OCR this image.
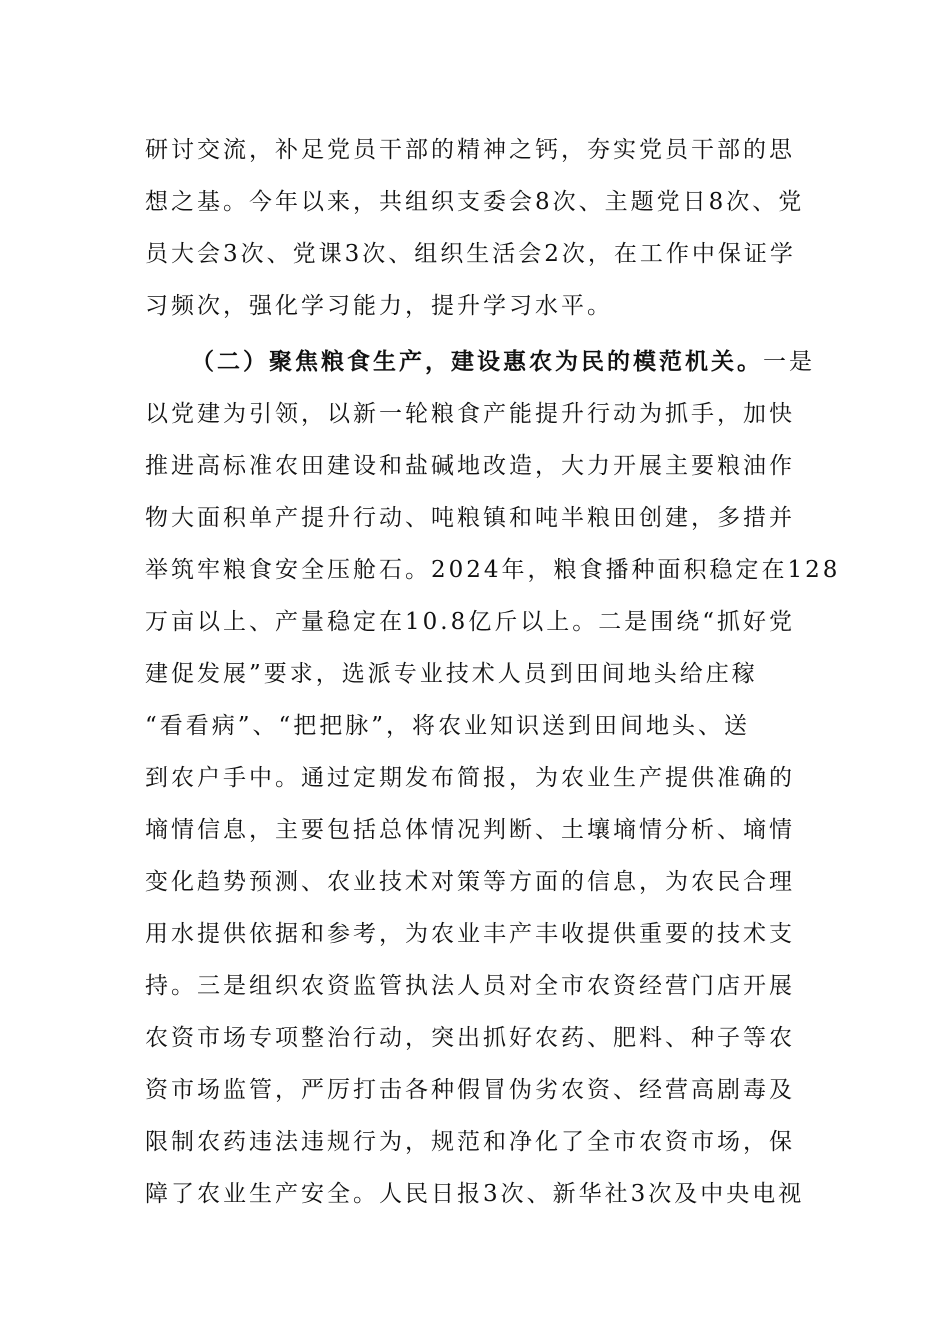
研讨交流，补足党员干部的精神之钙，夯实党员干部的思
想之基。今年以来，共组织支委会8次、主题党日8次、党
员大会3次、党课3次、组织生活会2次，在工作中保证学
习频次，强化学习能力，提升学习水平。
（二）聚焦粮食生产，建设惠农为民的模范机关。一是
以党建为引领，以新一轮粮食产能提升行动为抓手，加快
推进高标准农田建设和盐碱地改造，大力开展主要粮油作
物大面积单产提升行动、吨粮镇和吨半粮田创建，多措并
举筑牢粮食安全压舱石。2024年，粮食播种面积稳定在128
万亩以上、产量稳定在10.8亿斤以上。二是围绕“抓好党
建促发展”要求，选派专业技术人员到田间地头给庄稼
“看看病”、“把把脉”，将农业知识送到田间地头、送
到农户手中。通过定期发布简报，为农业生产提供准确的
墒情信息，主要包括总体情况判断、土壤墒情分析、墒情
变化趋势预测、农业技术对策等方面的信息，为农民合理
用水提供依据和参考，为农业丰产丰收提供重要的技术支
持。三是组织农资监管执法人员对全市农资经营门店开展
农资市场专项整治行动，突出抓好农药、肥料、种子等农
资市场监管，严厉打击各种假冒伪劣农资、经营高剧毒及
限制农药违法违规行为，规范和净化了全市农资市场，保
障了农业生产安全。人民日报3次、新华社3次及中央电视
